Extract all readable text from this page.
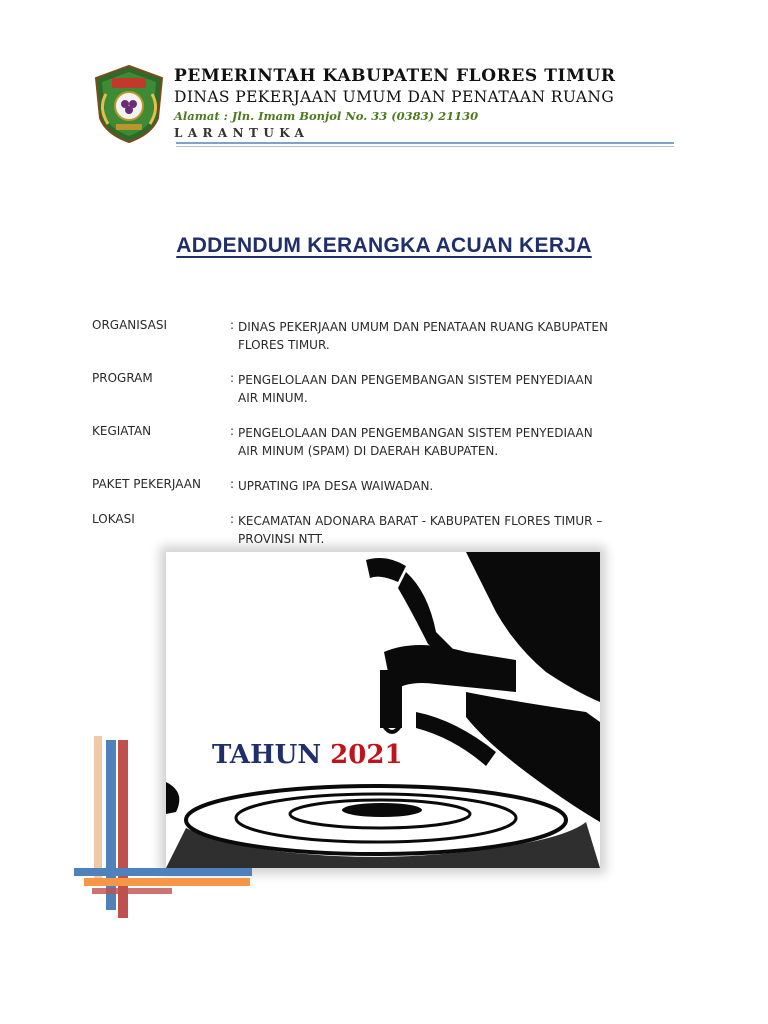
PEMERINTAH KABUPATEN FLORES TIMUR
DINAS PEKERJAAN UMUM DAN PENATAAN RUANG
Alamat : Jln. Imam Bonjol No. 33 (0383) 21130
LARANTUKA
ADDENDUM KERANGKA ACUAN KERJA
ORGANISASI	: DINAS PEKERJAAN UMUM DAN PENATAAN RUANG KABUPATEN
FLORES TIMUR.
PROGRAM	: PENGELOLAAN DAN PENGEMBANGAN SISTEM PENYEDIAAN
AIR MINUM.
KEGIATAN	: PENGELOLAAN DAN PENGEMBANGAN SISTEM PENYEDIAAN
AIR MINUM (SPAM) DI DAERAH KABUPATEN.
PAKET PEKERJAAN : UPRATING IPA DESA WAIWADAN.
LOKASI	: KECAMATAN ADONARA BARAT - KABUPATEN FLORES TIMUR –
PROVINSI NTT.
TAHUN 2021
